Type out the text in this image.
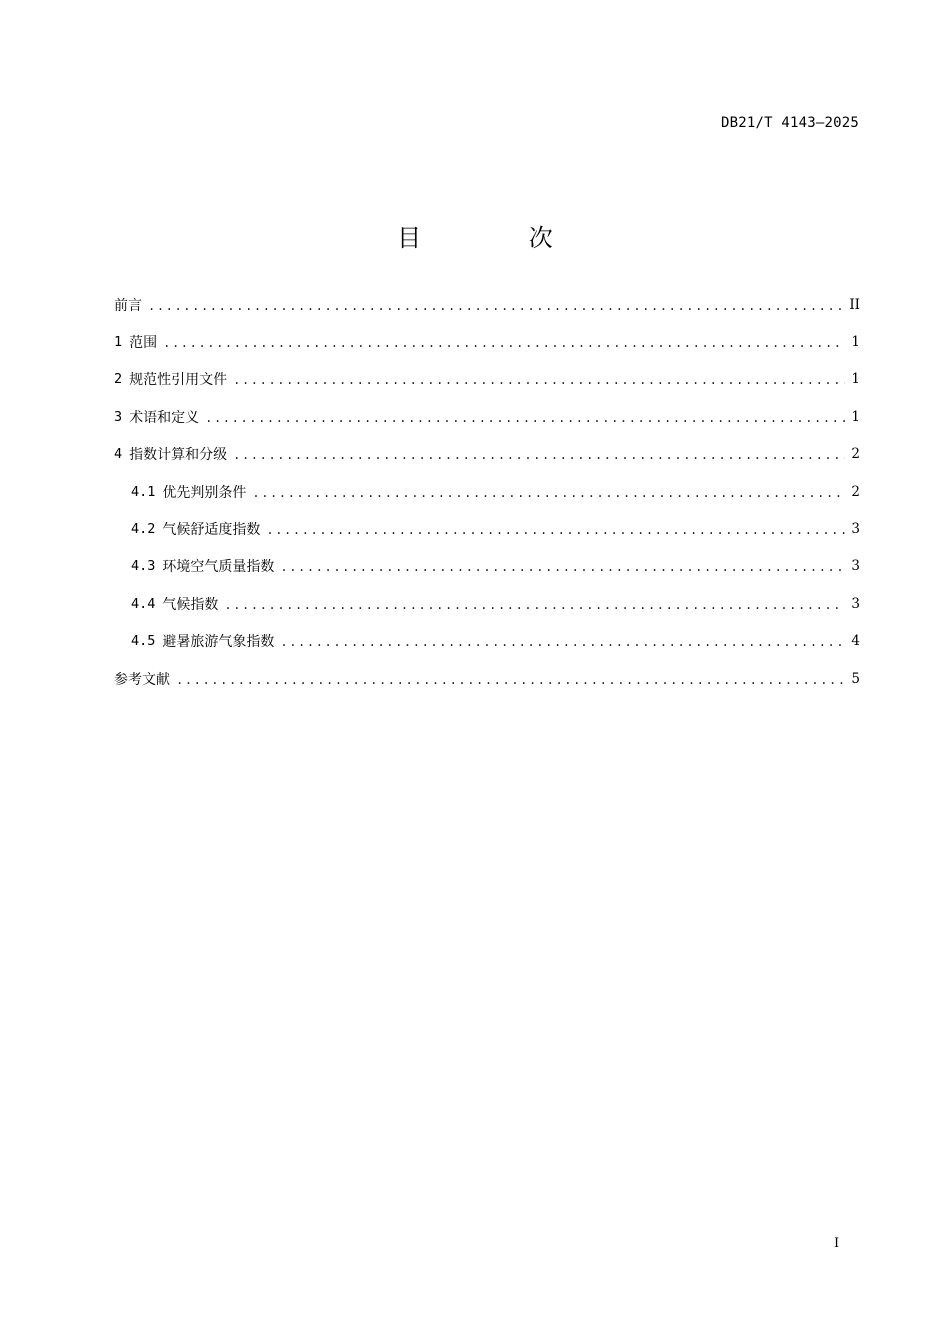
DB21/T 4143—2025
目 次
前言 .....	II
1 范围 .....	1
2 规范性引用文件 .....	1
3 术语和定义 .....	1
4 指数计算和分级 .....	2
4.1 优先判别条件 .....	2
4.2 气候舒适度指数 .....	3
4.3 环境空气质量指数 .....	3
4.4 气候指数 .....	3
4.5 避暑旅游气象指数 .....	4
参考文献 .....	5
I
